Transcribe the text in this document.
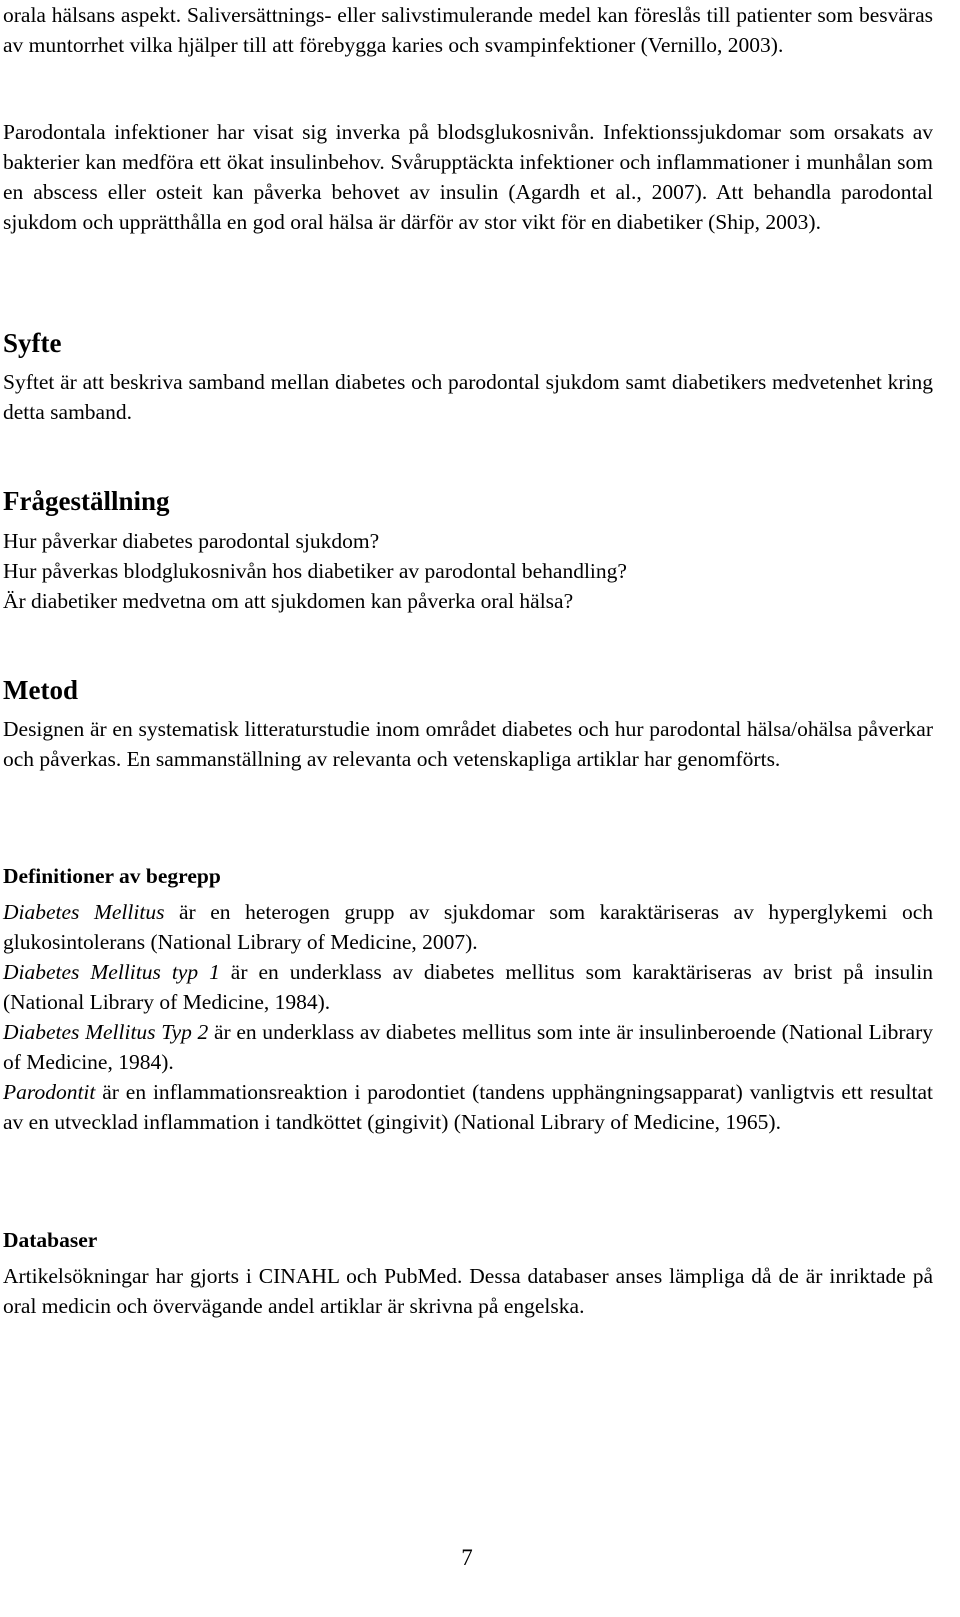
orala hälsans aspekt. Saliversättnings- eller salivstimulerande medel kan föreslås till patienter som besväras av muntorrhet vilka hjälper till att förebygga karies och svampinfektioner (Vernillo, 2003).

Parodontala infektioner har visat sig inverka på blodsglukosnivån. Infektionssjukdomar som orsakats av bakterier kan medföra ett ökat insulinbehov. Svårupptäckta infektioner och inflammationer i munhålan som en abscess eller osteit kan påverka behovet av insulin (Agardh et al., 2007). Att behandla parodontal sjukdom och upprätthålla en god oral hälsa är därför av stor vikt för en diabetiker (Ship, 2003).

Syfte

Syftet är att beskriva samband mellan diabetes och parodontal sjukdom samt diabetikers medvetenhet kring detta samband.

Frågeställning
Hur påverkar diabetes parodontal sjukdom?
Hur påverkas blodglukosnivån hos diabetiker av parodontal behandling?
Är diabetiker medvetna om att sjukdomen kan påverka oral hälsa?
Metod

Designen är en systematisk litteraturstudie inom området diabetes och hur parodontal hälsa/ohälsa påverkar och påverkas. En sammanställning av relevanta och vetenskapliga artiklar har genomförts.

Definitioner av begrepp

Diabetes Mellitus är en heterogen grupp av sjukdomar som karaktäriseras av hyperglykemi och glukosintolerans (National Library of Medicine, 2007).

Diabetes Mellitus typ 1 är en underklass av diabetes mellitus som karaktäriseras av brist på insulin (National Library of Medicine, 1984).

Diabetes Mellitus Typ 2 är en underklass av diabetes mellitus som inte är insulinberoende (National Library of Medicine, 1984).

Parodontit är en inflammationsreaktion i parodontiet (tandens upphängningsapparat) vanligtvis ett resultat av en utvecklad inflammation i tandköttet (gingivit) (National Library of Medicine, 1965).

Databaser

Artikelsökningar har gjorts i CINAHL och PubMed. Dessa databaser anses lämpliga då de är inriktade på oral medicin och övervägande andel artiklar är skrivna på engelska.

7
